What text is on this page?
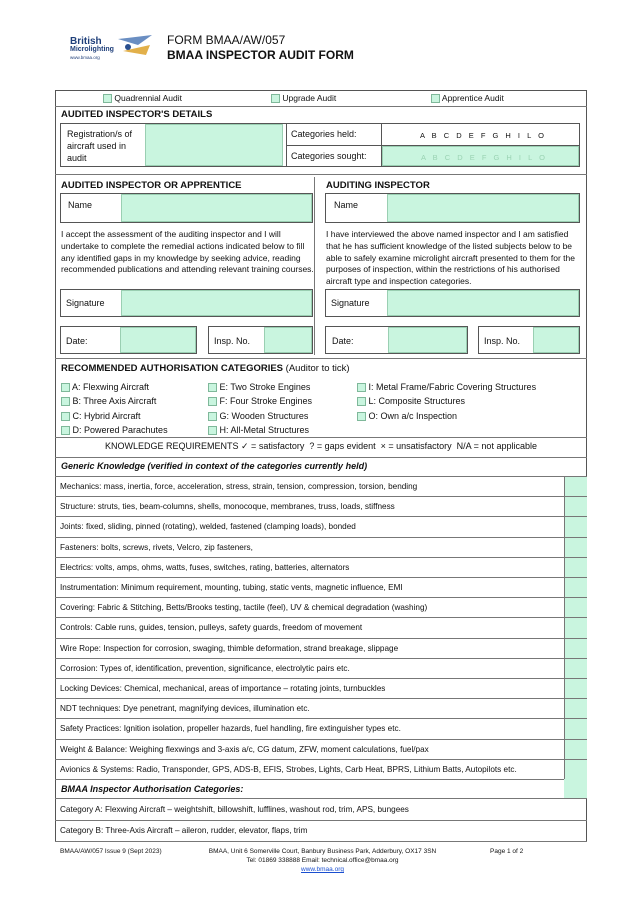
British
Microlighting
www.bmaa.org
FORM BMAA/AW/057
BMAA INSPECTOR AUDIT FORM
Quadrennial Audit	Upgrade Audit	Apprentice Audit
AUDITED INSPECTOR'S DETAILS
Registration/s of aircraft used in audit
Categories held:	A B C D E F G H I L O
Categories sought:	A B C D E F G H I L O
AUDITED INSPECTOR OR APPRENTICE
Name
I accept the assessment of the auditing inspector and I will undertake to complete the remedial actions indicated below to fill any identified gaps in my knowledge by seeking advice, reading recommended publications and attending relevant training courses.
Signature
Date:	Insp. No.
AUDITING INSPECTOR
Name
I have interviewed the above named inspector and I am satisfied that he has sufficient knowledge of the listed subjects below to be able to safely examine microlight aircraft presented to them for the purposes of inspection, within the restrictions of his authorised aircraft type and inspection categories.
Signature
Date:	Insp. No.
RECOMMENDED AUTHORISATION CATEGORIES (Auditor to tick)
A: Flexwing Aircraft
B: Three Axis Aircraft
C: Hybrid Aircraft
D: Powered Parachutes
E: Two Stroke Engines
F: Four Stroke Engines
G: Wooden Structures
H: All-Metal Structures
I: Metal Frame/Fabric Covering Structures
L: Composite Structures
O: Own a/c Inspection
KNOWLEDGE REQUIREMENTS ✓ = satisfactory  ? = gaps evident  × = unsatisfactory  N/A = not applicable
Generic Knowledge (verified in context of the categories currently held)
Mechanics: mass, inertia, force, acceleration, stress, strain, tension, compression, torsion, bending
Structure: struts, ties, beam-columns, shells, monocoque, membranes, truss, loads, stiffness
Joints: fixed, sliding, pinned (rotating), welded, fastened (clamping loads), bonded
Fasteners: bolts, screws, rivets, Velcro, zip fasteners,
Electrics: volts, amps, ohms, watts, fuses, switches, rating, batteries, alternators
Instrumentation: Minimum requirement, mounting, tubing, static vents, magnetic influence, EMI
Covering: Fabric & Stitching, Betts/Brooks testing, tactile (feel), UV & chemical degradation (washing)
Controls: Cable runs, guides, tension, pulleys, safety guards, freedom of movement
Wire Rope: Inspection for corrosion, swaging, thimble deformation, strand breakage, slippage
Corrosion: Types of, identification, prevention, significance, electrolytic pairs etc.
Locking Devices: Chemical, mechanical, areas of importance – rotating joints, turnbuckles
NDT techniques: Dye penetrant, magnifying devices, illumination etc.
Safety Practices: Ignition isolation, propeller hazards, fuel handling, fire extinguisher types etc.
Weight & Balance: Weighing flexwings and 3-axis a/c, CG datum, ZFW, moment calculations, fuel/pax
Avionics & Systems: Radio, Transponder, GPS, ADS-B, EFIS, Strobes, Lights, Carb Heat, BPRS, Lithium Batts, Autopilots etc.
BMAA Inspector Authorisation Categories:
Category A: Flexwing Aircraft – weightshift, billowshift, lufflines, washout rod, trim, APS, bungees
Category B: Three-Axis Aircraft – aileron, rudder, elevator, flaps, trim
BMAA/AW/057 Issue 9 (Sept 2023)	BMAA, Unit 6 Somerville Court, Banbury Business Park, Adderbury, OX17 3SN
Tel: 01869 338888 Email: technical.office@bmaa.org
www.bmaa.org
Page 1 of 2
